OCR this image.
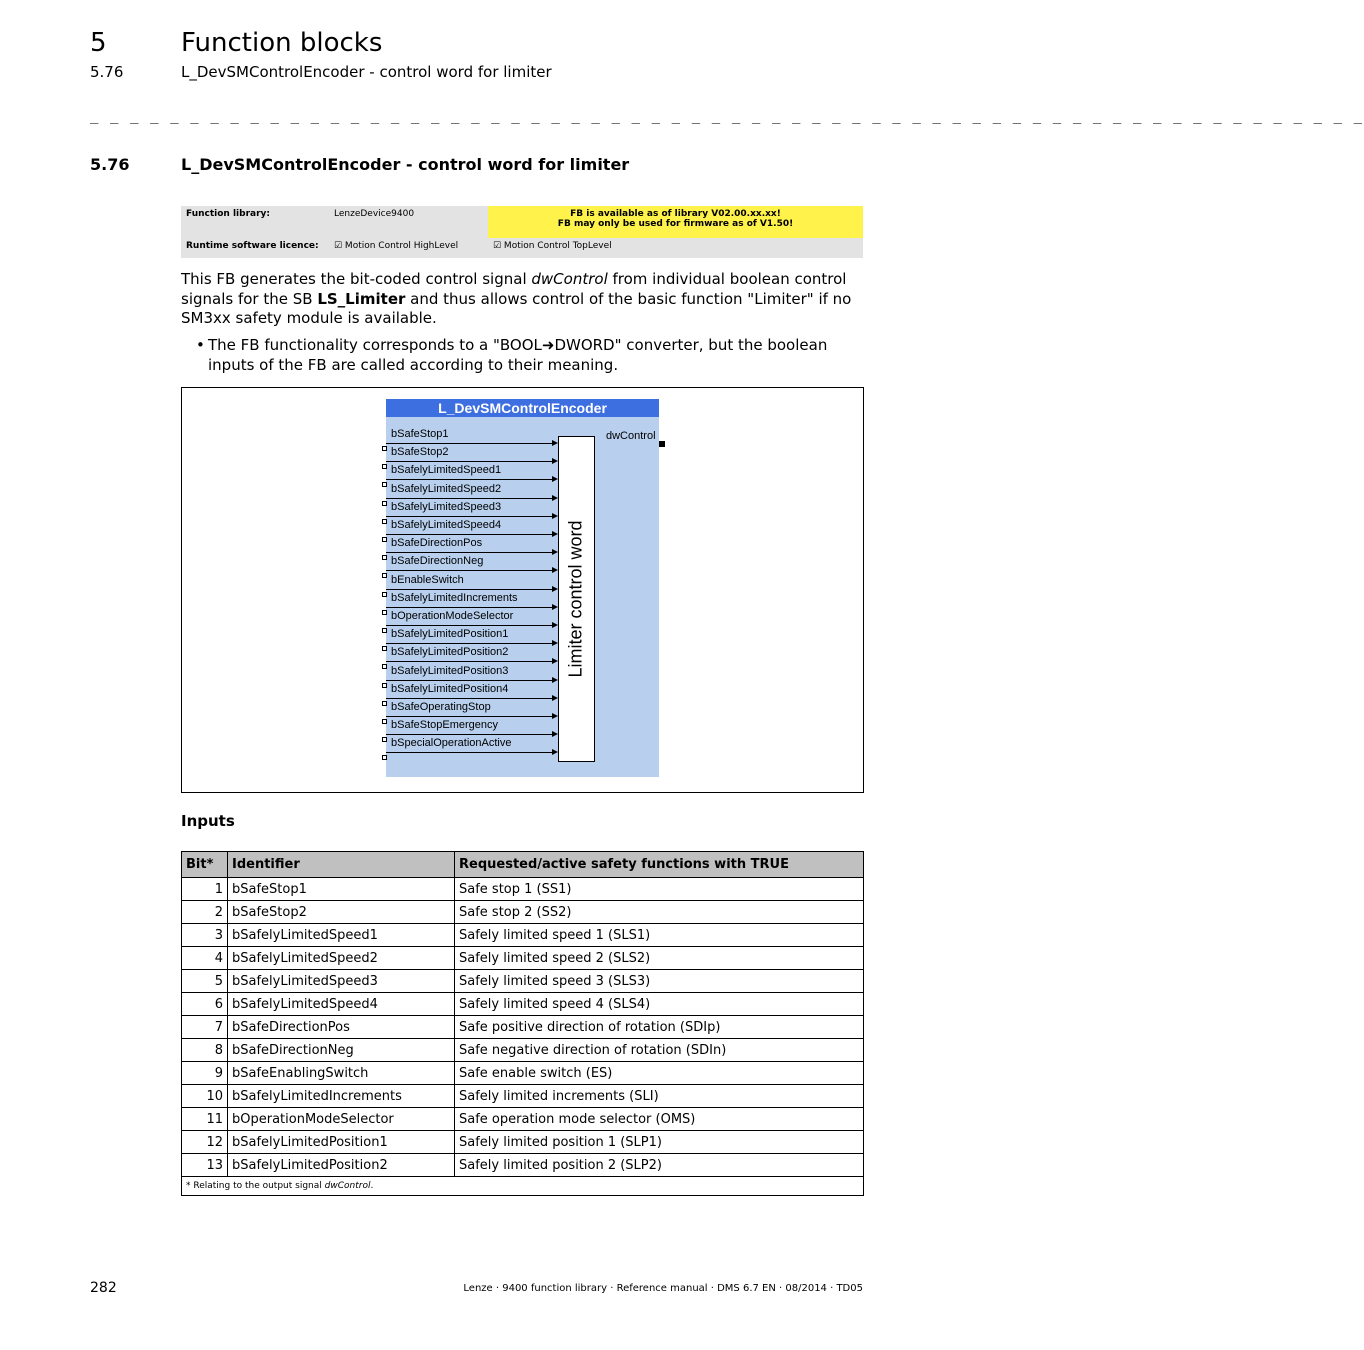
5	Function blocks
5.76	L_DevSMControlEncoder - control word for limiter
_ _ _ _ _ _ _ _ _ _ _ _ _ _ _ _ _ _ _ _ _ _ _ _ _ _ _ _ _ _ _ _ _ _ _ _ _ _ _ _ _ _ _ _ _ _ _ _ _ _ _ _ _ _ _ _ _ _ _ _ _ _ _ _
5.76	L_DevSMControlEncoder - control word for limiter
Function library:	LenzeDevice9400	FB is available as of library V02.00.xx.xx!
FB may only be used for firmware as of V1.50!
Runtime software licence:	☑ Motion Control HighLevel	☑ Motion Control TopLevel
This FB generates the bit-coded control signal dwControl from individual boolean control signals for the SB LS_Limiter and thus allows control of the basic function "Limiter" if no SM3xx safety module is available.
• The FB functionality corresponds to a "BOOL➜DWORD" converter, but the boolean inputs of the FB are called according to their meaning.
L_DevSMControlEncoder
bSafeStop1
bSafeStop2
bSafelyLimitedSpeed1
bSafelyLimitedSpeed2
bSafelyLimitedSpeed3
bSafelyLimitedSpeed4
bSafeDirectionPos
bSafeDirectionNeg
bEnableSwitch
bSafelyLimitedIncrements
bOperationModeSelector
bSafelyLimitedPosition1
bSafelyLimitedPosition2
bSafelyLimitedPosition3
bSafelyLimitedPosition4
bSafeOperatingStop
bSafeStopEmergency
bSpecialOperationActive
Limiter control word
dwControl
Inputs
Bit*	Identifier	Requested/active safety functions with TRUE
1	bSafeStop1	Safe stop 1 (SS1)
2	bSafeStop2	Safe stop 2 (SS2)
3	bSafelyLimitedSpeed1	Safely limited speed 1 (SLS1)
4	bSafelyLimitedSpeed2	Safely limited speed 2 (SLS2)
5	bSafelyLimitedSpeed3	Safely limited speed 3 (SLS3)
6	bSafelyLimitedSpeed4	Safely limited speed 4 (SLS4)
7	bSafeDirectionPos	Safe positive direction of rotation (SDIp)
8	bSafeDirectionNeg	Safe negative direction of rotation (SDIn)
9	bSafeEnablingSwitch	Safe enable switch (ES)
10	bSafelyLimitedIncrements	Safely limited increments (SLI)
11	bOperationModeSelector	Safe operation mode selector (OMS)
12	bSafelyLimitedPosition1	Safely limited position 1 (SLP1)
13	bSafelyLimitedPosition2	Safely limited position 2 (SLP2)
* Relating to the output signal dwControl.		
282	Lenze · 9400 function library · Reference manual · DMS 6.7 EN · 08/2014 · TD05
